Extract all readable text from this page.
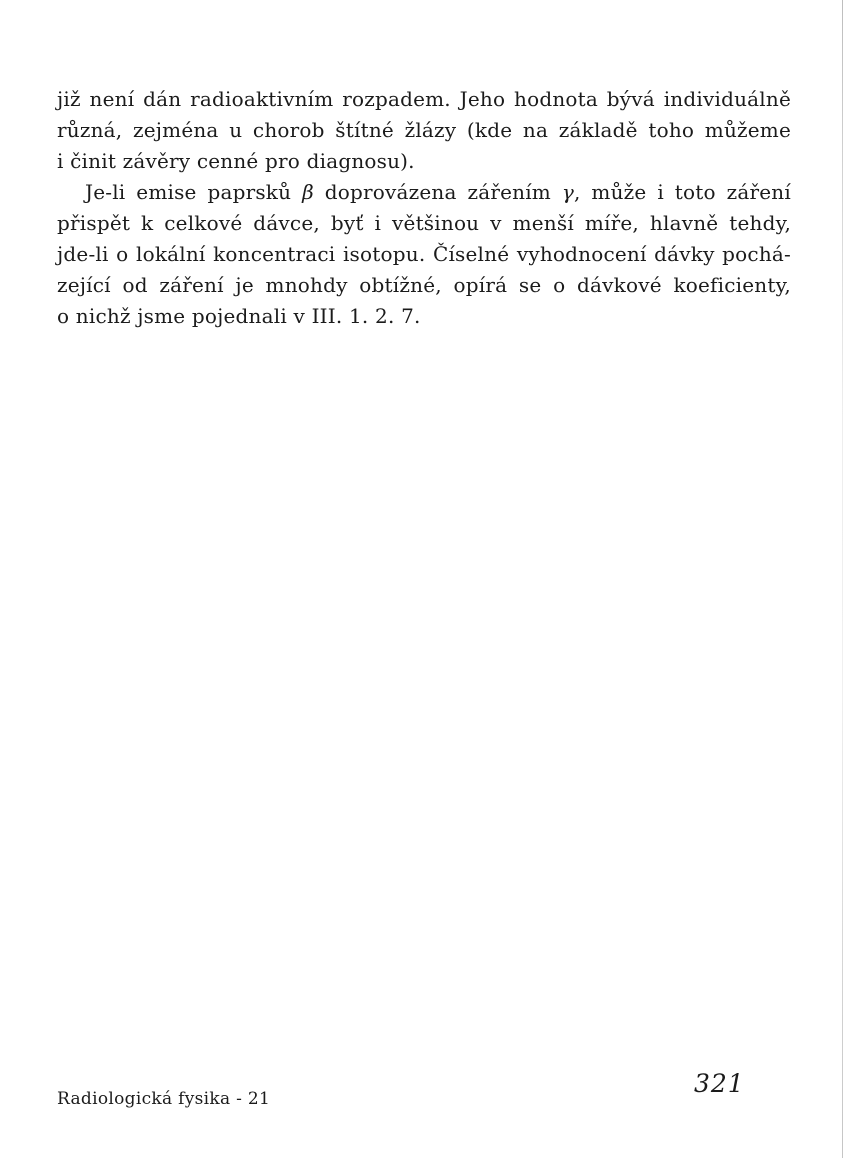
již není dán radioaktivním rozpadem. Jeho hodnota bývá individuálně
různá, zejména u chorob štítné žlázy (kde na základě toho můžeme
i činit závěry cenné pro diagnosu).
Je-li emise paprsků β doprovázena zářením γ, může i toto záření
přispět k celkové dávce, byť i většinou v menší míře, hlavně tehdy,
jde-li o lokální koncentraci isotopu. Číselné vyhodnocení dávky pochá-
zející od záření je mnohdy obtížné, opírá se o dávkové koeficienty,
o nichž jsme pojednali v III. 1. 2. 7.
Radiologická fysika - 21
321
